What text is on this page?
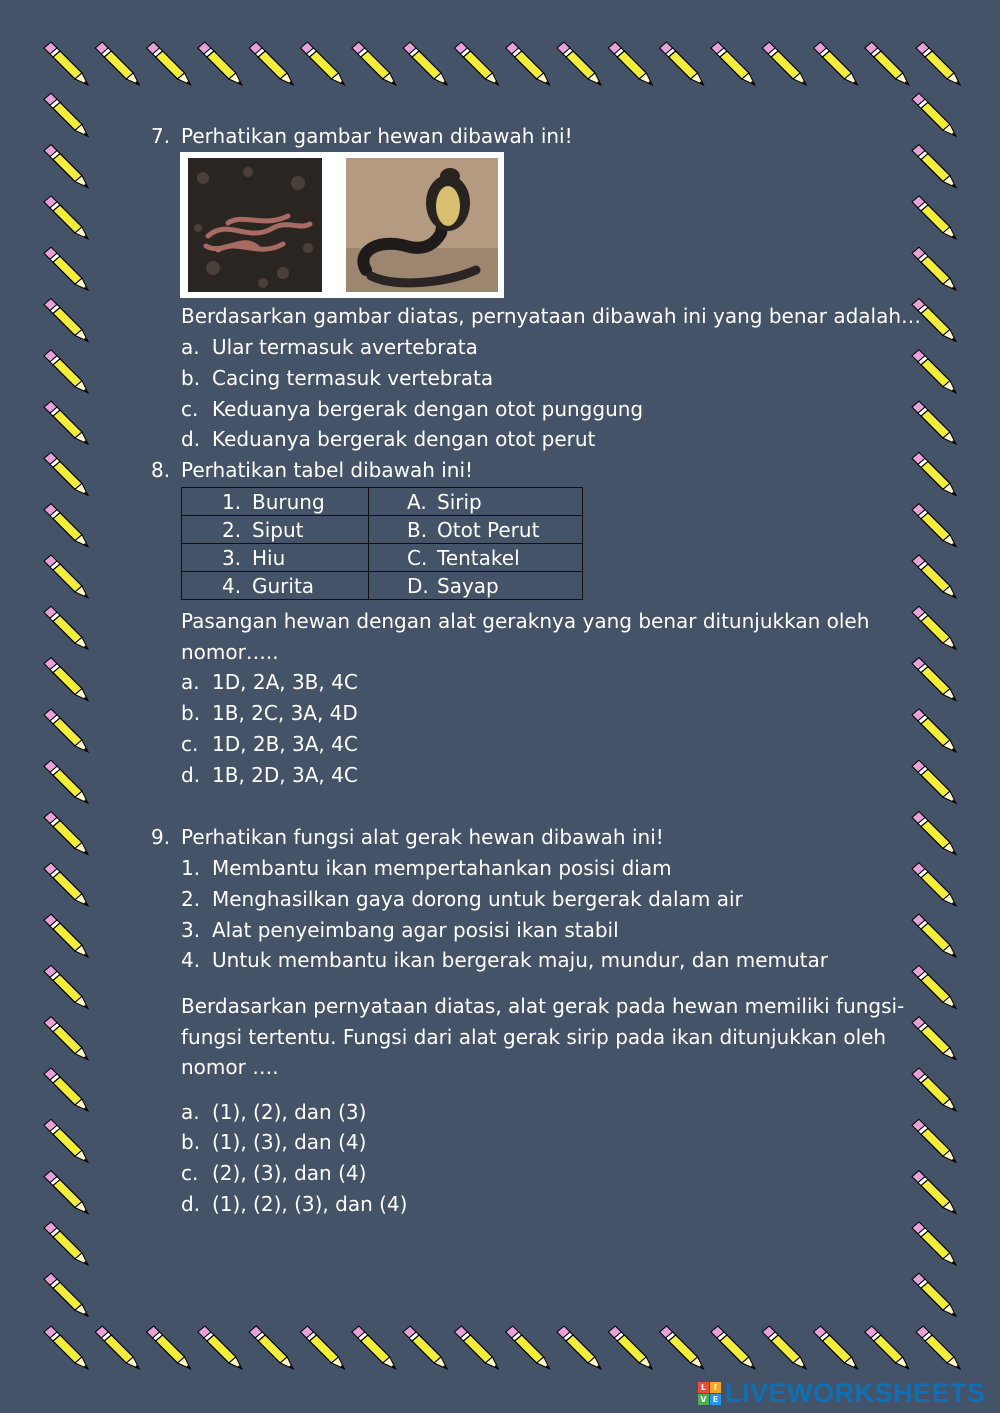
7. Perhatikan gambar hewan dibawah ini!
Berdasarkan gambar diatas, pernyataan dibawah ini yang benar adalah…
a. Ular termasuk avertebrata
b. Cacing termasuk vertebrata
c. Keduanya bergerak dengan otot punggung
d. Keduanya bergerak dengan otot perut
8. Perhatikan tabel dibawah ini!
1. Burung	A. Sirip

2. Siput	B. Otot Perut

3. Hiu	C. Tentakel

4. Gurita	D. Sayap
Pasangan hewan dengan alat geraknya yang benar ditunjukkan oleh
nomor…..
a. 1D, 2A, 3B, 4C
b. 1B, 2C, 3A, 4D
c. 1D, 2B, 3A, 4C
d. 1B, 2D, 3A, 4C
9. Perhatikan fungsi alat gerak hewan dibawah ini!
1. Membantu ikan mempertahankan posisi diam
2. Menghasilkan gaya dorong untuk bergerak dalam air
3. Alat penyeimbang agar posisi ikan stabil
4. Untuk membantu ikan bergerak maju, mundur, dan memutar
Berdasarkan pernyataan diatas, alat gerak pada hewan memiliki fungsi-
fungsi tertentu. Fungsi dari alat gerak sirip pada ikan ditunjukkan oleh
nomor ….
a. (1), (2), dan (3)
b. (1), (3), dan (4)
c. (2), (3), dan (4)
d. (1), (2), (3), dan (4)
L I
V E LIVEWORKSHEETS
